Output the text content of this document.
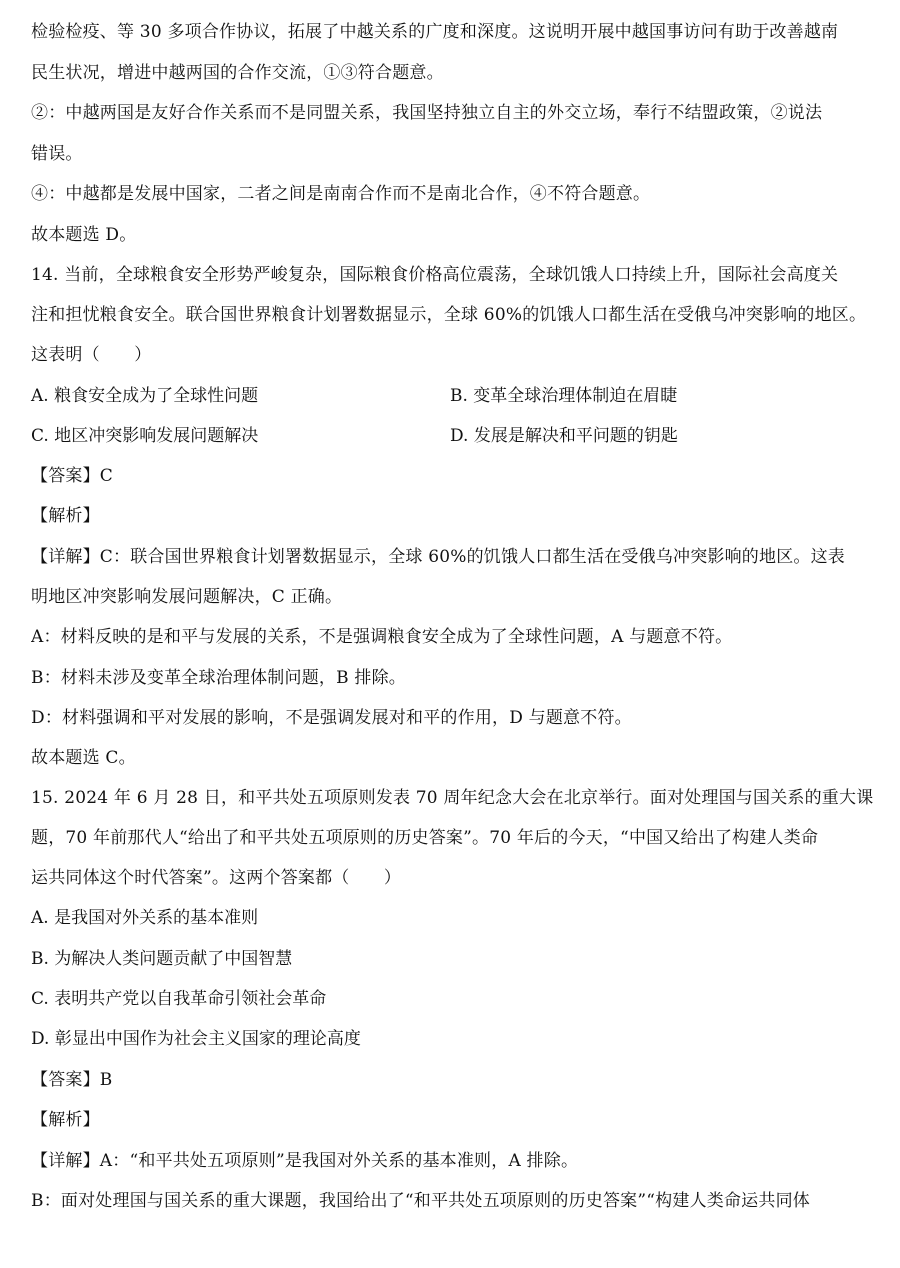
检验检疫、等 30 多项合作协议，拓展了中越关系的广度和深度。这说明开展中越国事访问有助于改善越南
民生状况，增进中越两国的合作交流，①③符合题意。
②：中越两国是友好合作关系而不是同盟关系，我国坚持独立自主的外交立场，奉行不结盟政策，②说法
错误。
④：中越都是发展中国家，二者之间是南南合作而不是南北合作，④不符合题意。
故本题选 D。
14. 当前，全球粮食安全形势严峻复杂，国际粮食价格高位震荡，全球饥饿人口持续上升，国际社会高度关
注和担忧粮食安全。联合国世界粮食计划署数据显示，全球 60%的饥饿人口都生活在受俄乌冲突影响的地区。
这表明（　　）
A. 粮食安全成为了全球性问题	B. 变革全球治理体制迫在眉睫
C. 地区冲突影响发展问题解决	D. 发展是解决和平问题的钥匙
【答案】C
【解析】
【详解】C：联合国世界粮食计划署数据显示，全球 60%的饥饿人口都生活在受俄乌冲突影响的地区。这表
明地区冲突影响发展问题解决，C 正确。
A：材料反映的是和平与发展的关系，不是强调粮食安全成为了全球性问题，A 与题意不符。
B：材料未涉及变革全球治理体制问题，B 排除。
D：材料强调和平对发展的影响，不是强调发展对和平的作用，D 与题意不符。
故本题选 C。
15. 2024 年 6 月 28 日，和平共处五项原则发表 70 周年纪念大会在北京举行。面对处理国与国关系的重大课
题，70 年前那代人“给出了和平共处五项原则的历史答案”。70 年后的今天，“中国又给出了构建人类命
运共同体这个时代答案”。这两个答案都（　　）
A. 是我国对外关系的基本准则
B. 为解决人类问题贡献了中国智慧
C. 表明共产党以自我革命引领社会革命
D. 彰显出中国作为社会主义国家的理论高度
【答案】B
【解析】
【详解】A：“和平共处五项原则”是我国对外关系的基本准则，A 排除。
B：面对处理国与国关系的重大课题，我国给出了“和平共处五项原则的历史答案”“构建人类命运共同体
